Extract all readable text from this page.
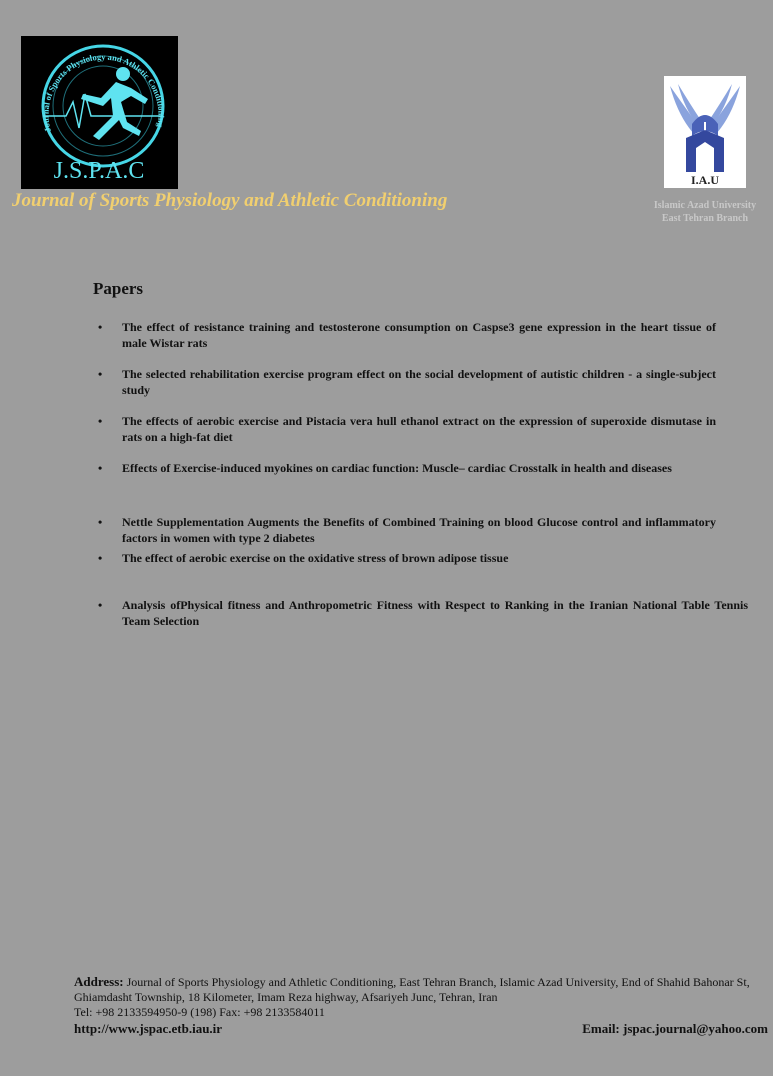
Journal of Sports Physiology and Athletic Conditioning
J.S.P.A.C
Journal of Sports Physiology and Athletic Conditioning
I.A.U
Islamic Azad University
East Tehran Branch
Papers
• The effect of resistance training and testosterone consumption on Caspse3 gene expression in the heart tissue of male Wistar rats
• The selected rehabilitation exercise program effect on the social development of autistic children - a single-subject study
• The effects of aerobic exercise and Pistacia vera hull ethanol extract on the expression of superoxide dismutase in rats on a high-fat diet
• Effects of Exercise-induced myokines on cardiac function: Muscle– cardiac Crosstalk in health and diseases
• Nettle Supplementation Augments the Benefits of Combined Training on blood Glucose control and inflammatory factors in women with type 2 diabetes
• The effect of aerobic exercise on the oxidative stress of brown adipose tissue
• Analysis ofPhysical fitness and Anthropometric Fitness with Respect to Ranking in the Iranian National Table Tennis Team Selection
Address: Journal of Sports Physiology and Athletic Conditioning, East Tehran Branch, Islamic Azad University, End of Shahid Bahonar St, Ghiamdasht Township, 18 Kilometer, Imam Reza highway, Afsariyeh Junc, Tehran, Iran
Tel: +98 2133594950-9 (198) Fax: +98 2133584011
http://www.jspac.etb.iau.ir	Email: jspac.journal@yahoo.com
